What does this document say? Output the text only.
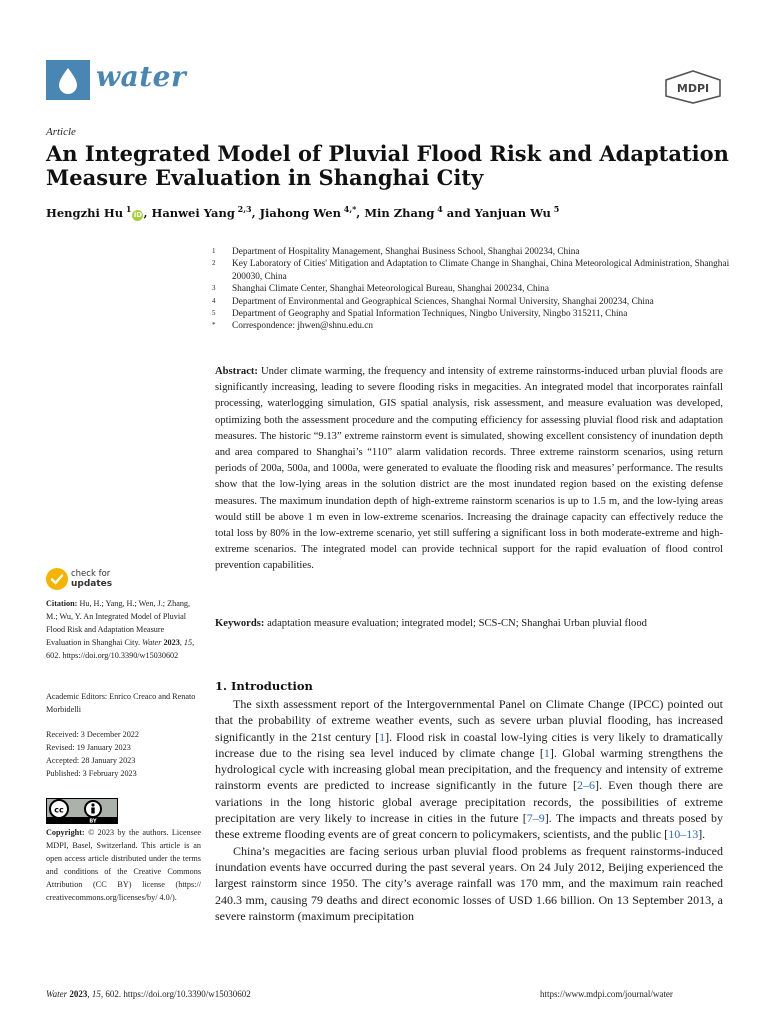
water	MDPI
Article
An Integrated Model of Pluvial Flood Risk and Adaptation
Measure Evaluation in Shanghai City
Hengzhi Hu $^1$iD, Hanwei Yang $^{2,3}$, Jiahong Wen $^{4,*}$, Min Zhang $^4$ and Yanjuan Wu $^5$
1 Department of Hospitality Management, Shanghai Business School, Shanghai 200234, China
2 Key Laboratory of Cities' Mitigation and Adaptation to Climate Change in Shanghai, China Meteorological Administration, Shanghai 200030, China
3 Shanghai Climate Center, Shanghai Meteorological Bureau, Shanghai 200234, China
4 Department of Environmental and Geographical Sciences, Shanghai Normal University, Shanghai 200234, China
5 Department of Geography and Spatial Information Techniques, Ningbo University, Ningbo 315211, China
* Correspondence: jhwen@shnu.edu.cn
Abstract: Under climate warming, the frequency and intensity of extreme rainstorms-induced urban pluvial floods are significantly increasing, leading to severe flooding risks in megacities. An integrated model that incorporates rainfall processing, waterlogging simulation, GIS spatial analysis, risk assessment, and measure evaluation was developed, optimizing both the assessment procedure and the computing efficiency for assessing pluvial flood risk and adaptation measures. The historic “9.13” extreme rainstorm event is simulated, showing excellent consistency of inundation depth and area compared to Shanghai’s “110” alarm validation records. Three extreme rainstorm scenarios, using return periods of 200a, 500a, and 1000a, were generated to evaluate the flooding risk and measures’ performance. The results show that the low-lying areas in the solution district are the most inundated region based on the existing defense measures. The maximum inundation depth of high-extreme rainstorm scenarios is up to 1.5 m, and the low-lying areas would still be above 1 m even in low-extreme scenarios. Increasing the drainage capacity can effectively reduce the total loss by 80% in the low-extreme scenario, yet still suffering a significant loss in both moderate-extreme and high-extreme scenarios. The integrated model can provide technical support for the rapid evaluation of flood control prevention capabilities.
Keywords: adaptation measure evaluation; integrated model; SCS-CN; Shanghai Urban pluvial flood
check for
updates
Citation: Hu, H.; Yang, H.; Wen, J.; Zhang, M.; Wu, Y. An Integrated Model of Pluvial Flood Risk and Adaptation Measure Evaluation in Shanghai City. Water 2023, 15, 602. https://doi.org/10.3390/w15030602
Academic Editors: Enrico Creaco and Renato Morbidelli
Received: 3 December 2022
Revised: 19 January 2023
Accepted: 28 January 2023
Published: 3 February 2023
cc
BY
Copyright: © 2023 by the authors. Licensee MDPI, Basel, Switzerland. This article is an open access article distributed under the terms and conditions of the Creative Commons Attribution (CC BY) license (https:// creativecommons.org/licenses/by/ 4.0/).
1. Introduction

The sixth assessment report of the Intergovernmental Panel on Climate Change (IPCC) pointed out that the probability of extreme weather events, such as severe urban pluvial flooding, has increased significantly in the 21st century [1]. Flood risk in coastal low-lying cities is very likely to dramatically increase due to the rising sea level induced by climate change [1]. Global warming strengthens the hydrological cycle with increasing global mean precipitation, and the frequency and intensity of extreme rainstorm events are predicted to increase significantly in the future [2–6]. Even though there are variations in the long historic global average precipitation records, the possibilities of extreme precipitation are very likely to increase in cities in the future [7–9]. The impacts and threats posed by these extreme flooding events are of great concern to policymakers, scientists, and the public [10–13].

China’s megacities are facing serious urban pluvial flood problems as frequent rainstorms-induced inundation events have occurred during the past several years. On 24 July 2012, Beijing experienced the largest rainstorm since 1950. The city’s average rainfall was 170 mm, and the maximum rain reached 240.3 mm, causing 79 deaths and direct economic losses of USD 1.66 billion. On 13 September 2013, a severe rainstorm (maximum precipitation

Water 2023, 15, 602. https://doi.org/10.3390/w15030602	https://www.mdpi.com/journal/water
